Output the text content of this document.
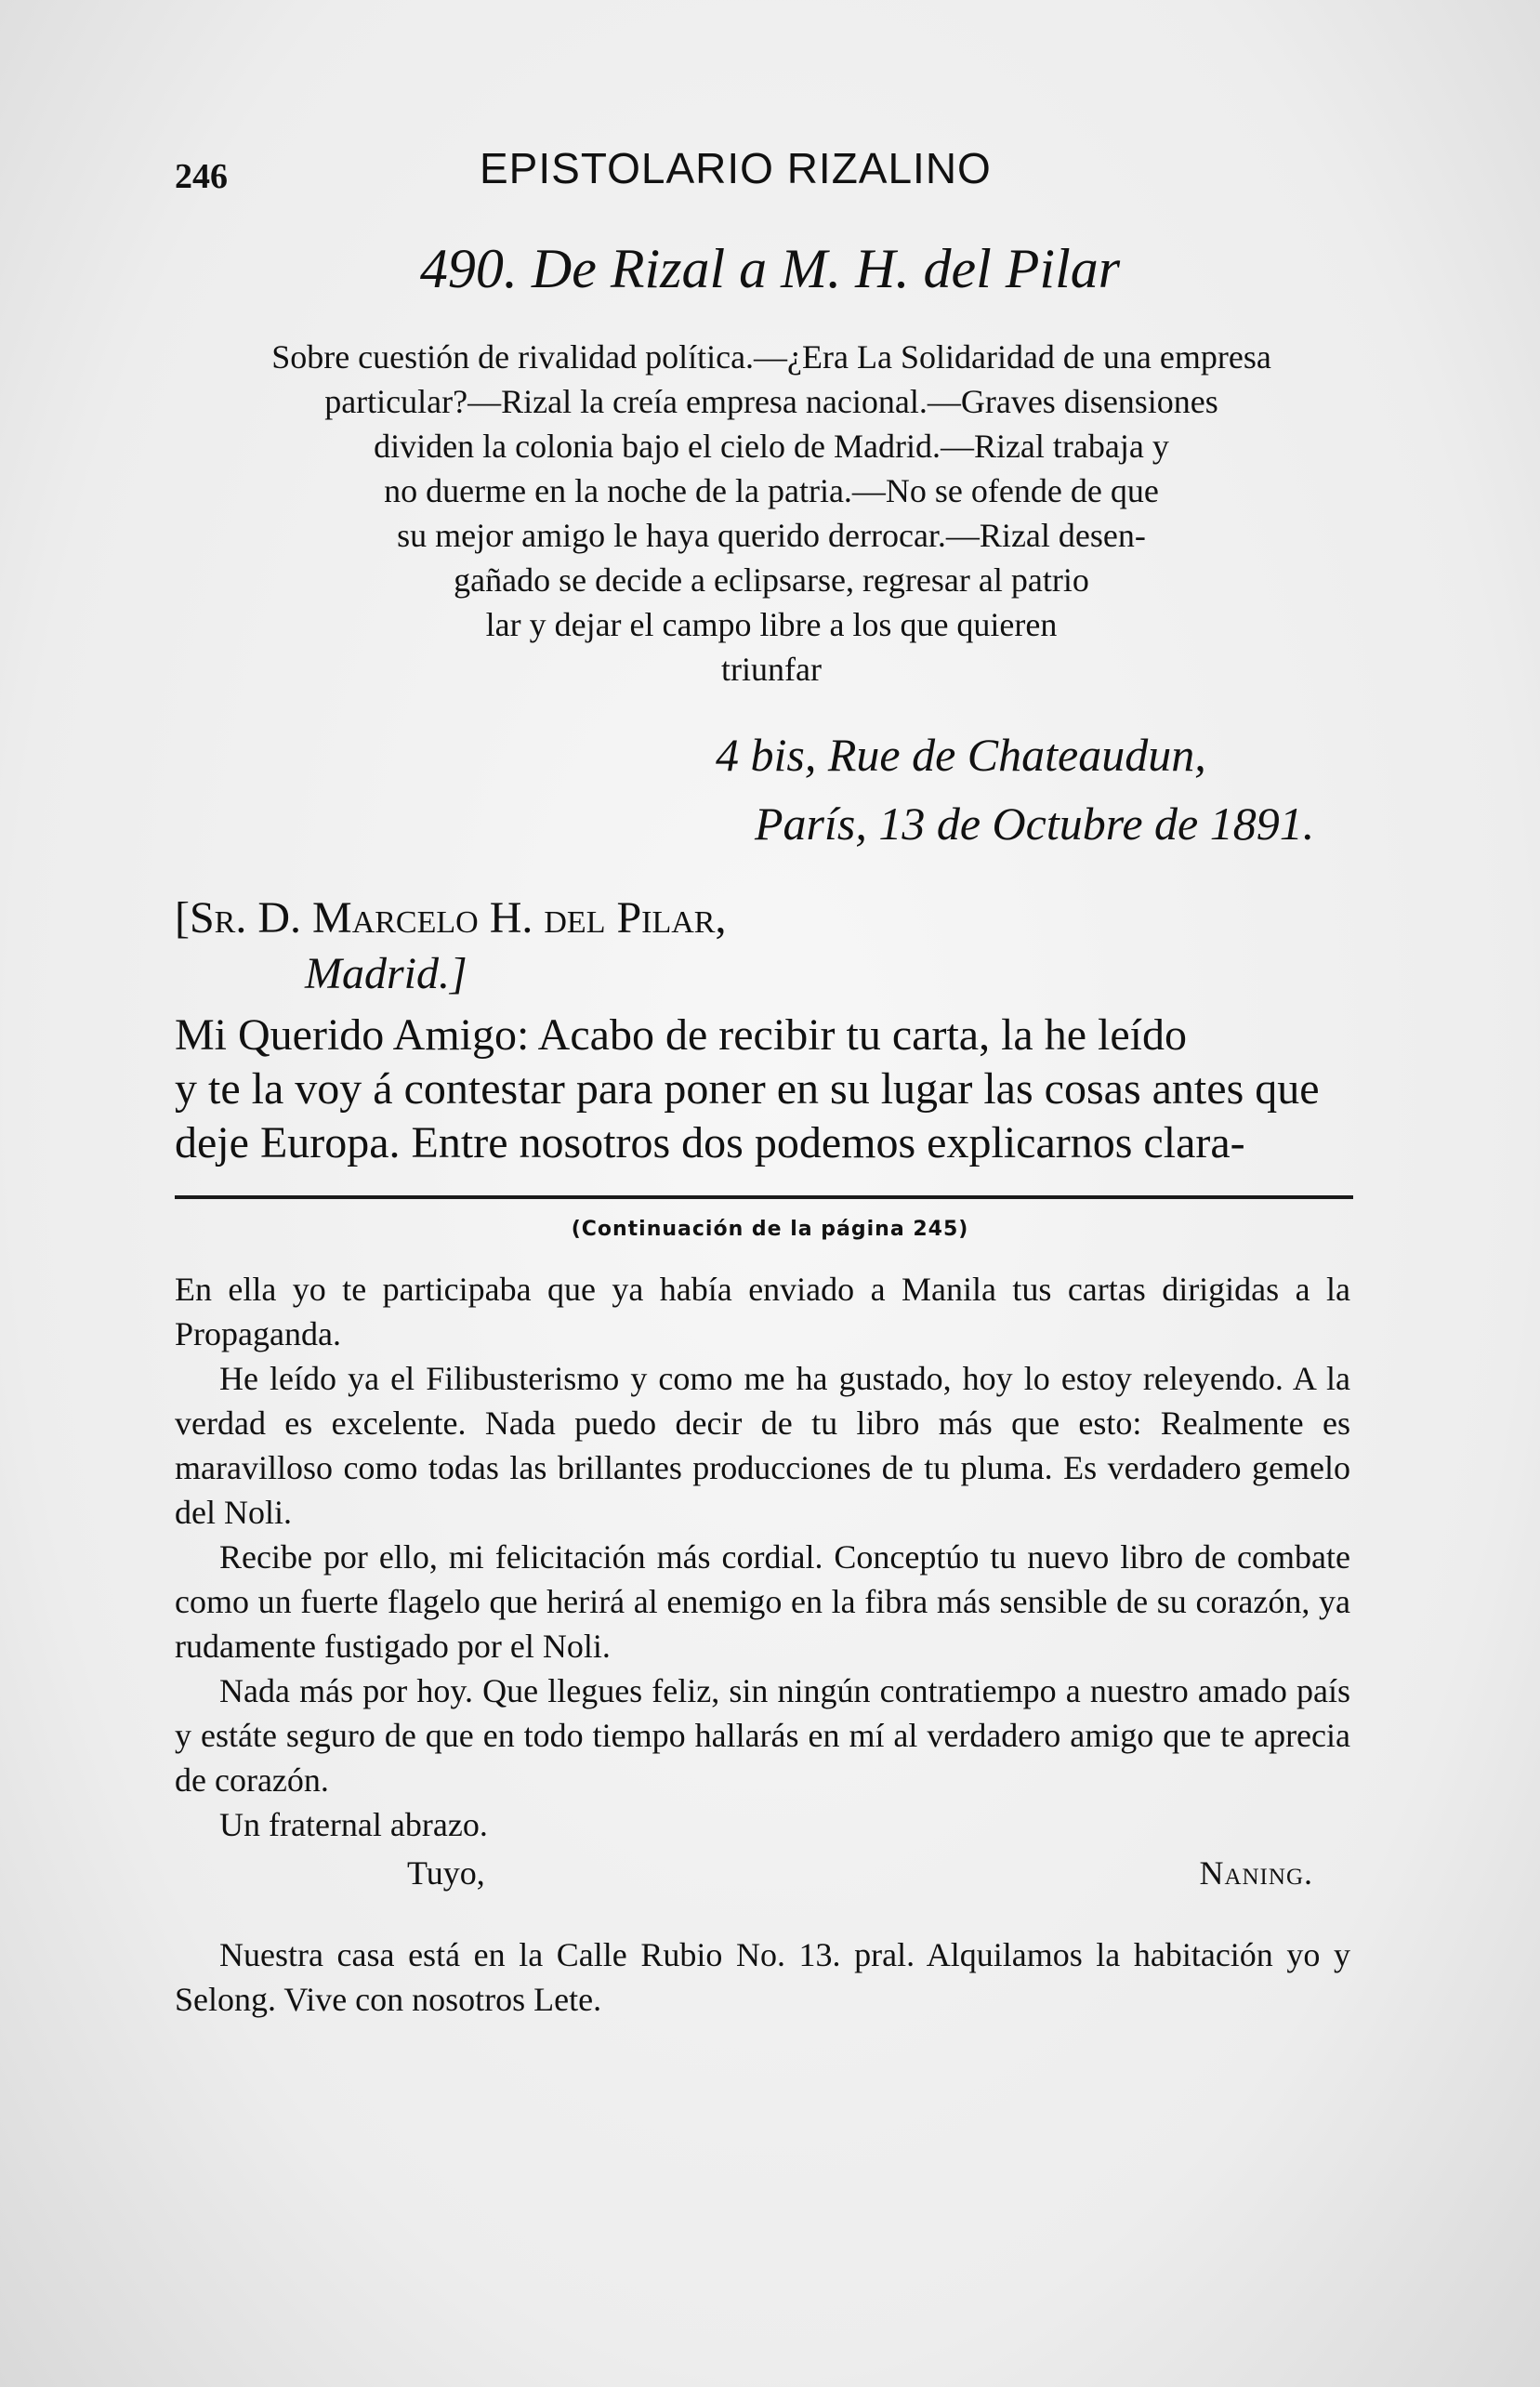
246	EPISTOLARIO RIZALINO
490. De Rizal a M. H. del Pilar
Sobre cuestión de rivalidad política.—¿Era La Solidaridad de una empresa
particular?—Rizal la creía empresa nacional.—Graves disensiones
dividen la colonia bajo el cielo de Madrid.—Rizal trabaja y
no duerme en la noche de la patria.—No se ofende de que
su mejor amigo le haya querido derrocar.—Rizal desen-
gañado se decide a eclipsarse, regresar al patrio
lar y dejar el campo libre a los que quieren
triunfar
4 bis, Rue de Chateaudun,
París, 13 de Octubre de 1891.
[Sr. D. Marcelo H. del Pilar,
Madrid.]

Mi Querido Amigo: Acabo de recibir tu carta, la he leído

y te la voy á contestar para poner en su lugar las cosas antes que

deje Europa. Entre nosotros dos podemos explicarnos clara-

(Continuación de la página 245)

En ella yo te participaba que ya había enviado a Manila tus cartas dirigidas a la Propaganda.

He leído ya el Filibusterismo y como me ha gustado, hoy lo estoy releyendo. A la verdad es excelente. Nada puedo decir de tu libro más que esto: Realmente es maravilloso como todas las brillantes producciones de tu pluma. Es verdadero gemelo del Noli.

Recibe por ello, mi felicitación más cordial. Conceptúo tu nuevo libro de combate como un fuerte flagelo que herirá al enemigo en la fibra más sensible de su corazón, ya rudamente fustigado por el Noli.

Nada más por hoy. Que llegues feliz, sin ningún contratiempo a nuestro amado país y estáte seguro de que en todo tiempo hallarás en mí al verdadero amigo que te aprecia de corazón.

Un fraternal abrazo.

Tuyo,	Naning.

Nuestra casa está en la Calle Rubio No. 13. pral. Alquilamos la habitación yo y Selong. Vive con nosotros Lete.
